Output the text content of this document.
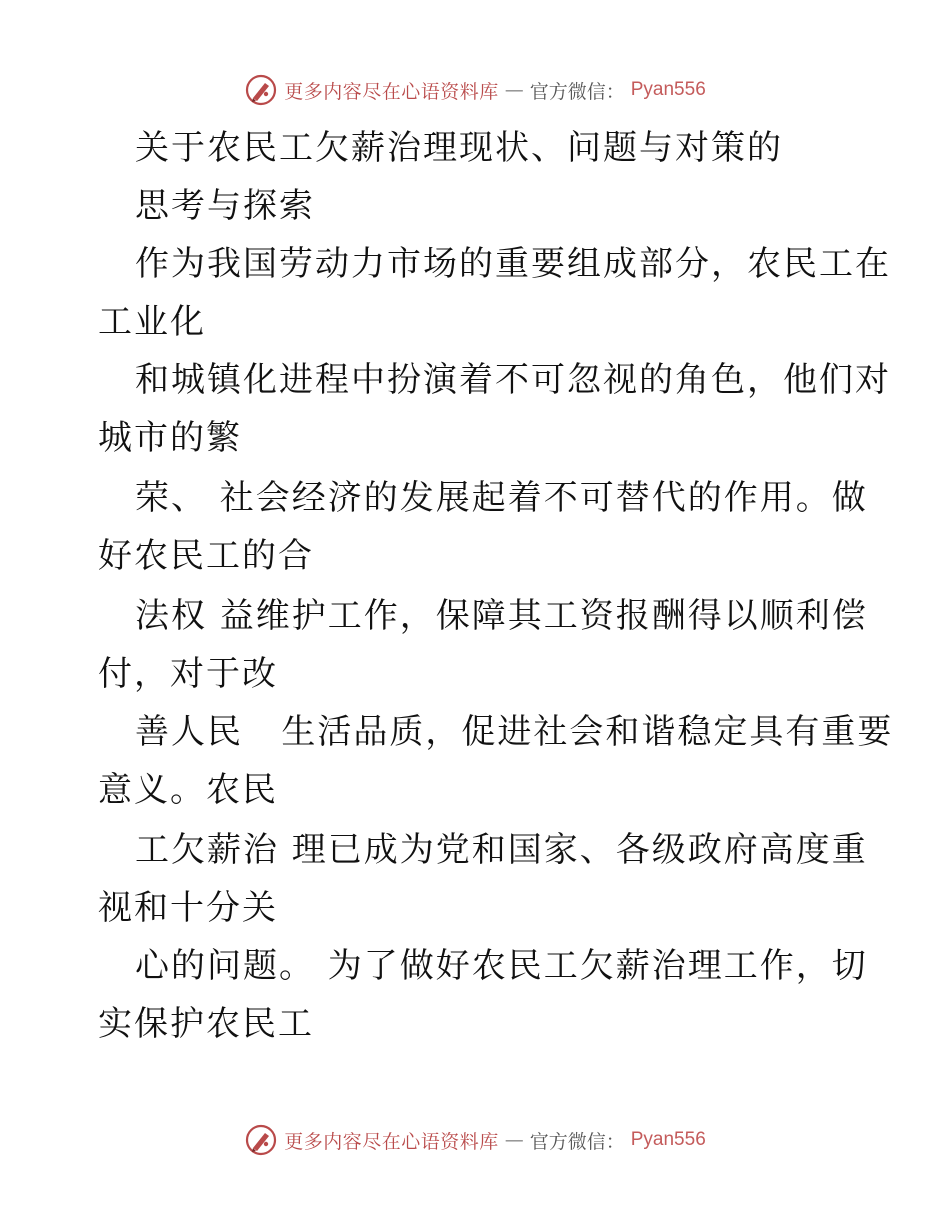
更多内容尽在心语资料库 — 官方微信： Pyan556
关于农民工欠薪治理现状、问题与对策的
思考与探索
作为我国劳动力市场的重要组成部分，农民工在
工业化
和城镇化进程中扮演着不可忽视的角色，他们对
城市的繁
荣、 社会经济的发展起着不可替代的作用。做
好农民工的合
法权 益维护工作，保障其工资报酬得以顺利偿
付，对于改
善人民   生活品质，促进社会和谐稳定具有重要
意义。农民
工欠薪治 理已成为党和国家、各级政府高度重
视和十分关
心的问题。 为了做好农民工欠薪治理工作，切
实保护农民工
更多内容尽在心语资料库 — 官方微信： Pyan556
